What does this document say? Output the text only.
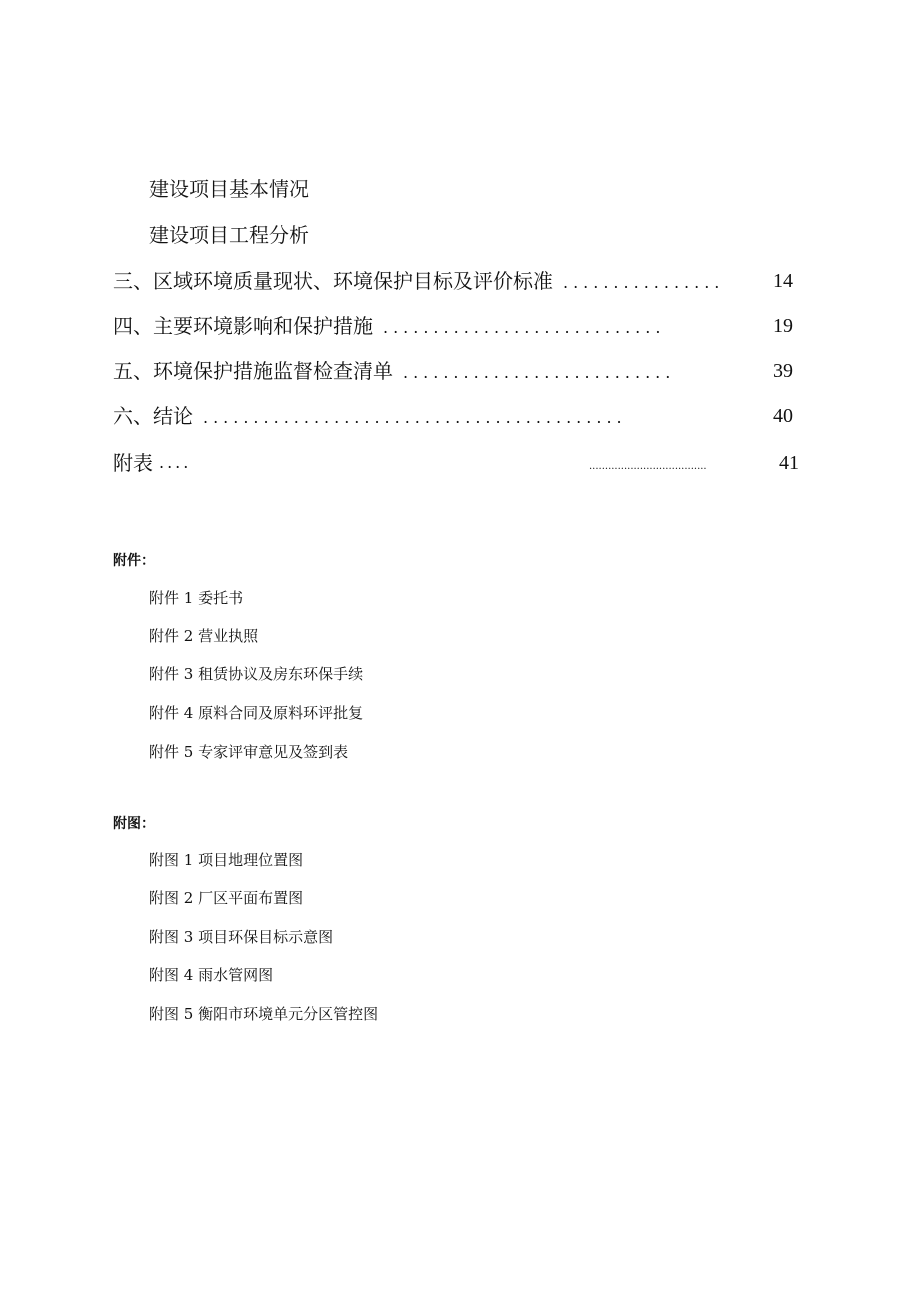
建设项目基本情况
建设项目工程分析
三、区域环境质量现状、环境保护目标及评价标准 ................	14
四、主要环境影响和保护措施 ............................	19
五、环境保护措施监督检查清单 ...........................	39
六、结论 ..........................................	40
附表 ....	.....................................	41
附件：
附件 1 委托书
附件 2 营业执照
附件 3 租赁协议及房东环保手续
附件 4 原料合同及原料环评批复
附件 5 专家评审意见及签到表
附图：
附图 1 项目地理位置图
附图 2 厂区平面布置图
附图 3 项目环保目标示意图
附图 4 雨水管网图
附图 5 衡阳市环境单元分区管控图
